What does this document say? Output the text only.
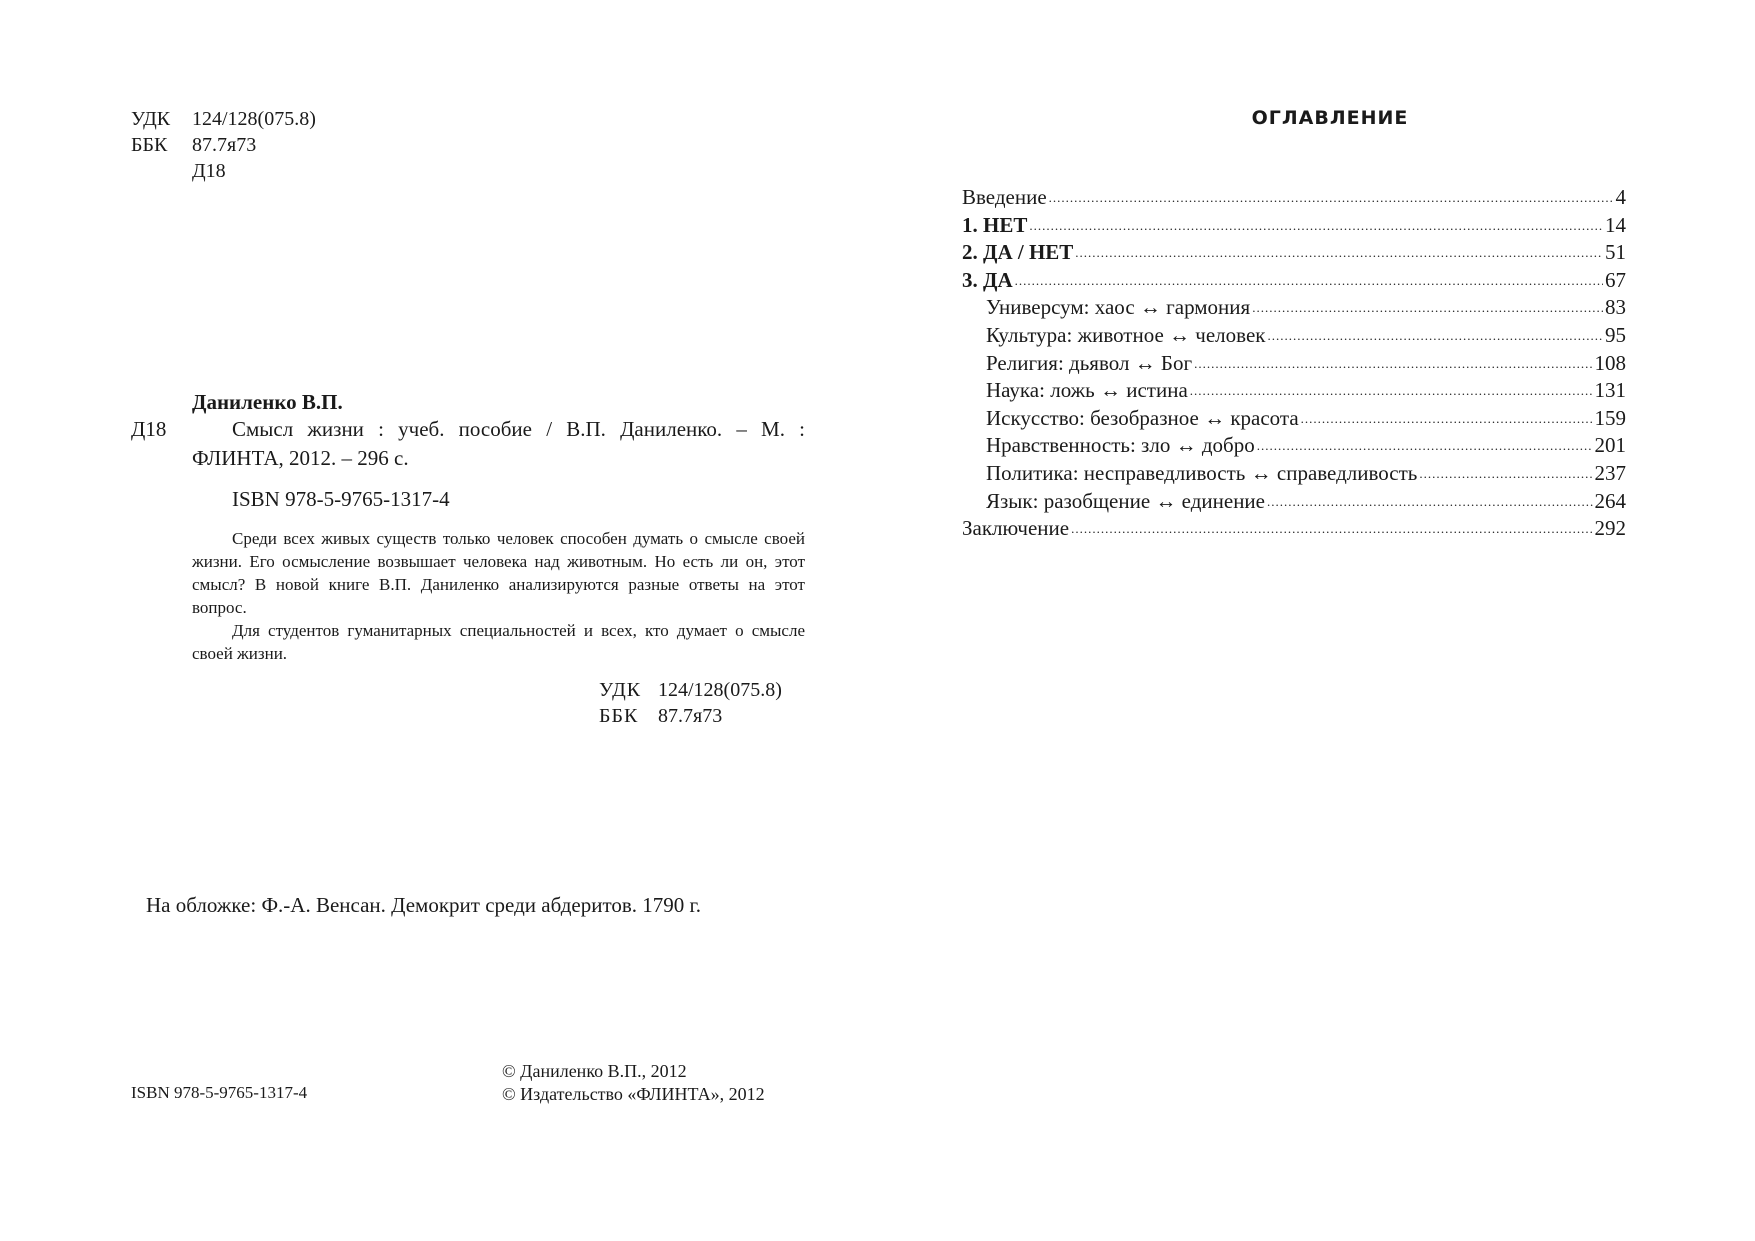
УДК	124/128(075.8)
ББК	87.7я73
Д18
Даниленко В.П.
Д18	Смысл жизни : учеб. пособие / В.П. Даниленко. – М. :
ФЛИНТА, 2012. – 296 с.
ISBN 978-5-9765-1317-4

Среди всех живых существ только человек способен думать о смысле своей жизни. Его осмысление возвышает человека над животным. Но есть ли он, этот смысл? В новой книге В.П. Даниленко анализируются разные ответы на этот вопрос.

Для студентов гуманитарных специальностей и всех, кто думает о смысле своей жизни.

УДК 124/128(075.8)
ББК 87.7я73
На обложке: Ф.-А. Венсан. Демокрит среди абдеритов. 1790 г.
ISBN 978-5-9765-1317-4
© Даниленко В.П., 2012
© Издательство «ФЛИНТА», 2012
ОГЛАВЛЕНИЕ
Введение .....	4
1. НЕТ .....	14
2. ДА / НЕТ .....	51
3. ДА .....	67
Универсум: хаос ↔ гармония .....	83
Культура: животное ↔ человек .....	95
Религия: дьявол ↔ Бог .....	108
Наука: ложь ↔ истина .....	131
Искусство: безобразное ↔ красота .....	159
Нравственность: зло ↔ добро .....	201
Политика: несправедливость ↔ справедливость .....	237
Язык: разобщение ↔ единение .....	264
Заключение .....	292
